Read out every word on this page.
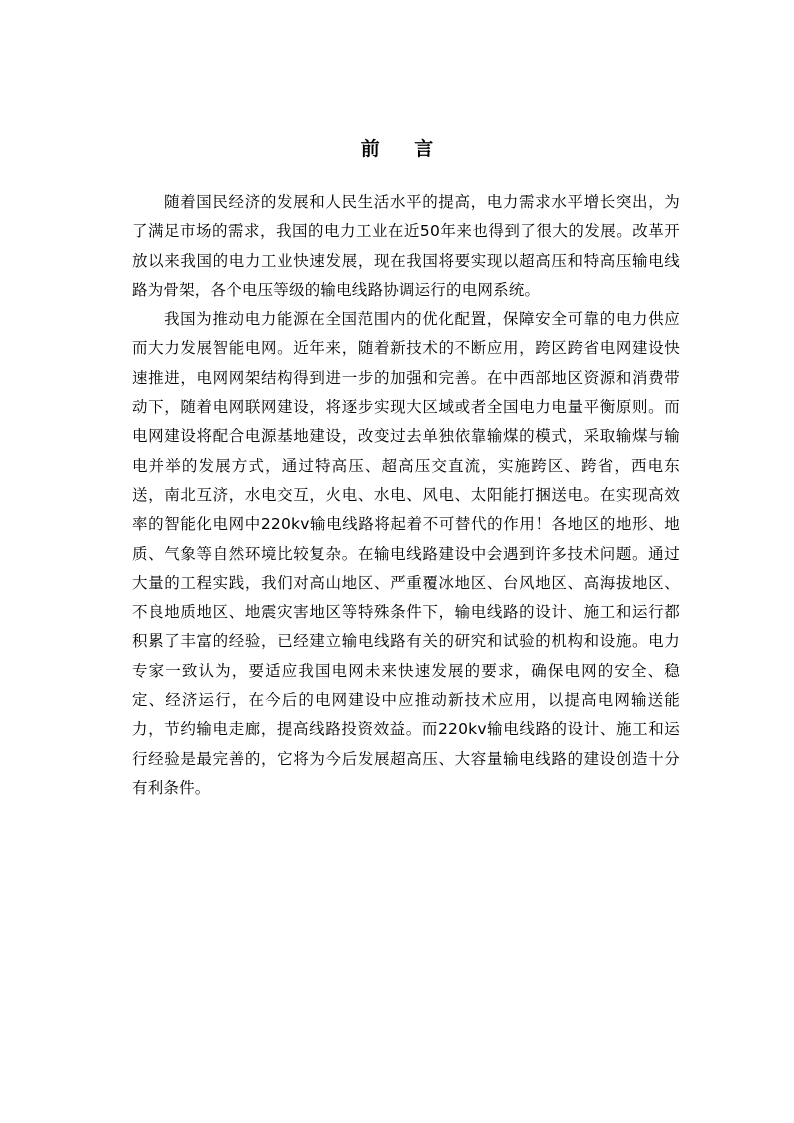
前 言

随着国民经济的发展和人民生活水平的提高，电力需求水平增长突出，为了满足市场的需求，我国的电力工业在近50年来也得到了很大的发展。改革开放以来我国的电力工业快速发展，现在我国将要实现以超高压和特高压输电线路为骨架，各个电压等级的输电线路协调运行的电网系统。

我国为推动电力能源在全国范围内的优化配置，保障安全可靠的电力供应而大力发展智能电网。近年来，随着新技术的不断应用，跨区跨省电网建设快速推进，电网网架结构得到进一步的加强和完善。在中西部地区资源和消费带动下，随着电网联网建设，将逐步实现大区域或者全国电力电量平衡原则。而电网建设将配合电源基地建设，改变过去单独依靠输煤的模式，采取输煤与输电并举的发展方式，通过特高压、超高压交直流，实施跨区、跨省，西电东送，南北互济，水电交互，火电、水电、风电、太阳能打捆送电。在实现高效率的智能化电网中220kv输电线路将起着不可替代的作用！各地区的地形、地质、气象等自然环境比较复杂。在输电线路建设中会遇到许多技术问题。通过大量的工程实践，我们对高山地区、严重覆冰地区、台风地区、高海拔地区、不良地质地区、地震灾害地区等特殊条件下，输电线路的设计、施工和运行都积累了丰富的经验，已经建立输电线路有关的研究和试验的机构和设施。电力专家一致认为，要适应我国电网未来快速发展的要求，确保电网的安全、稳定、经济运行，在今后的电网建设中应推动新技术应用，以提高电网输送能力，节约输电走廊，提高线路投资效益。而220kv输电线路的设计、施工和运行经验是最完善的，它将为今后发展超高压、大容量输电线路的建设创造十分有利条件。
